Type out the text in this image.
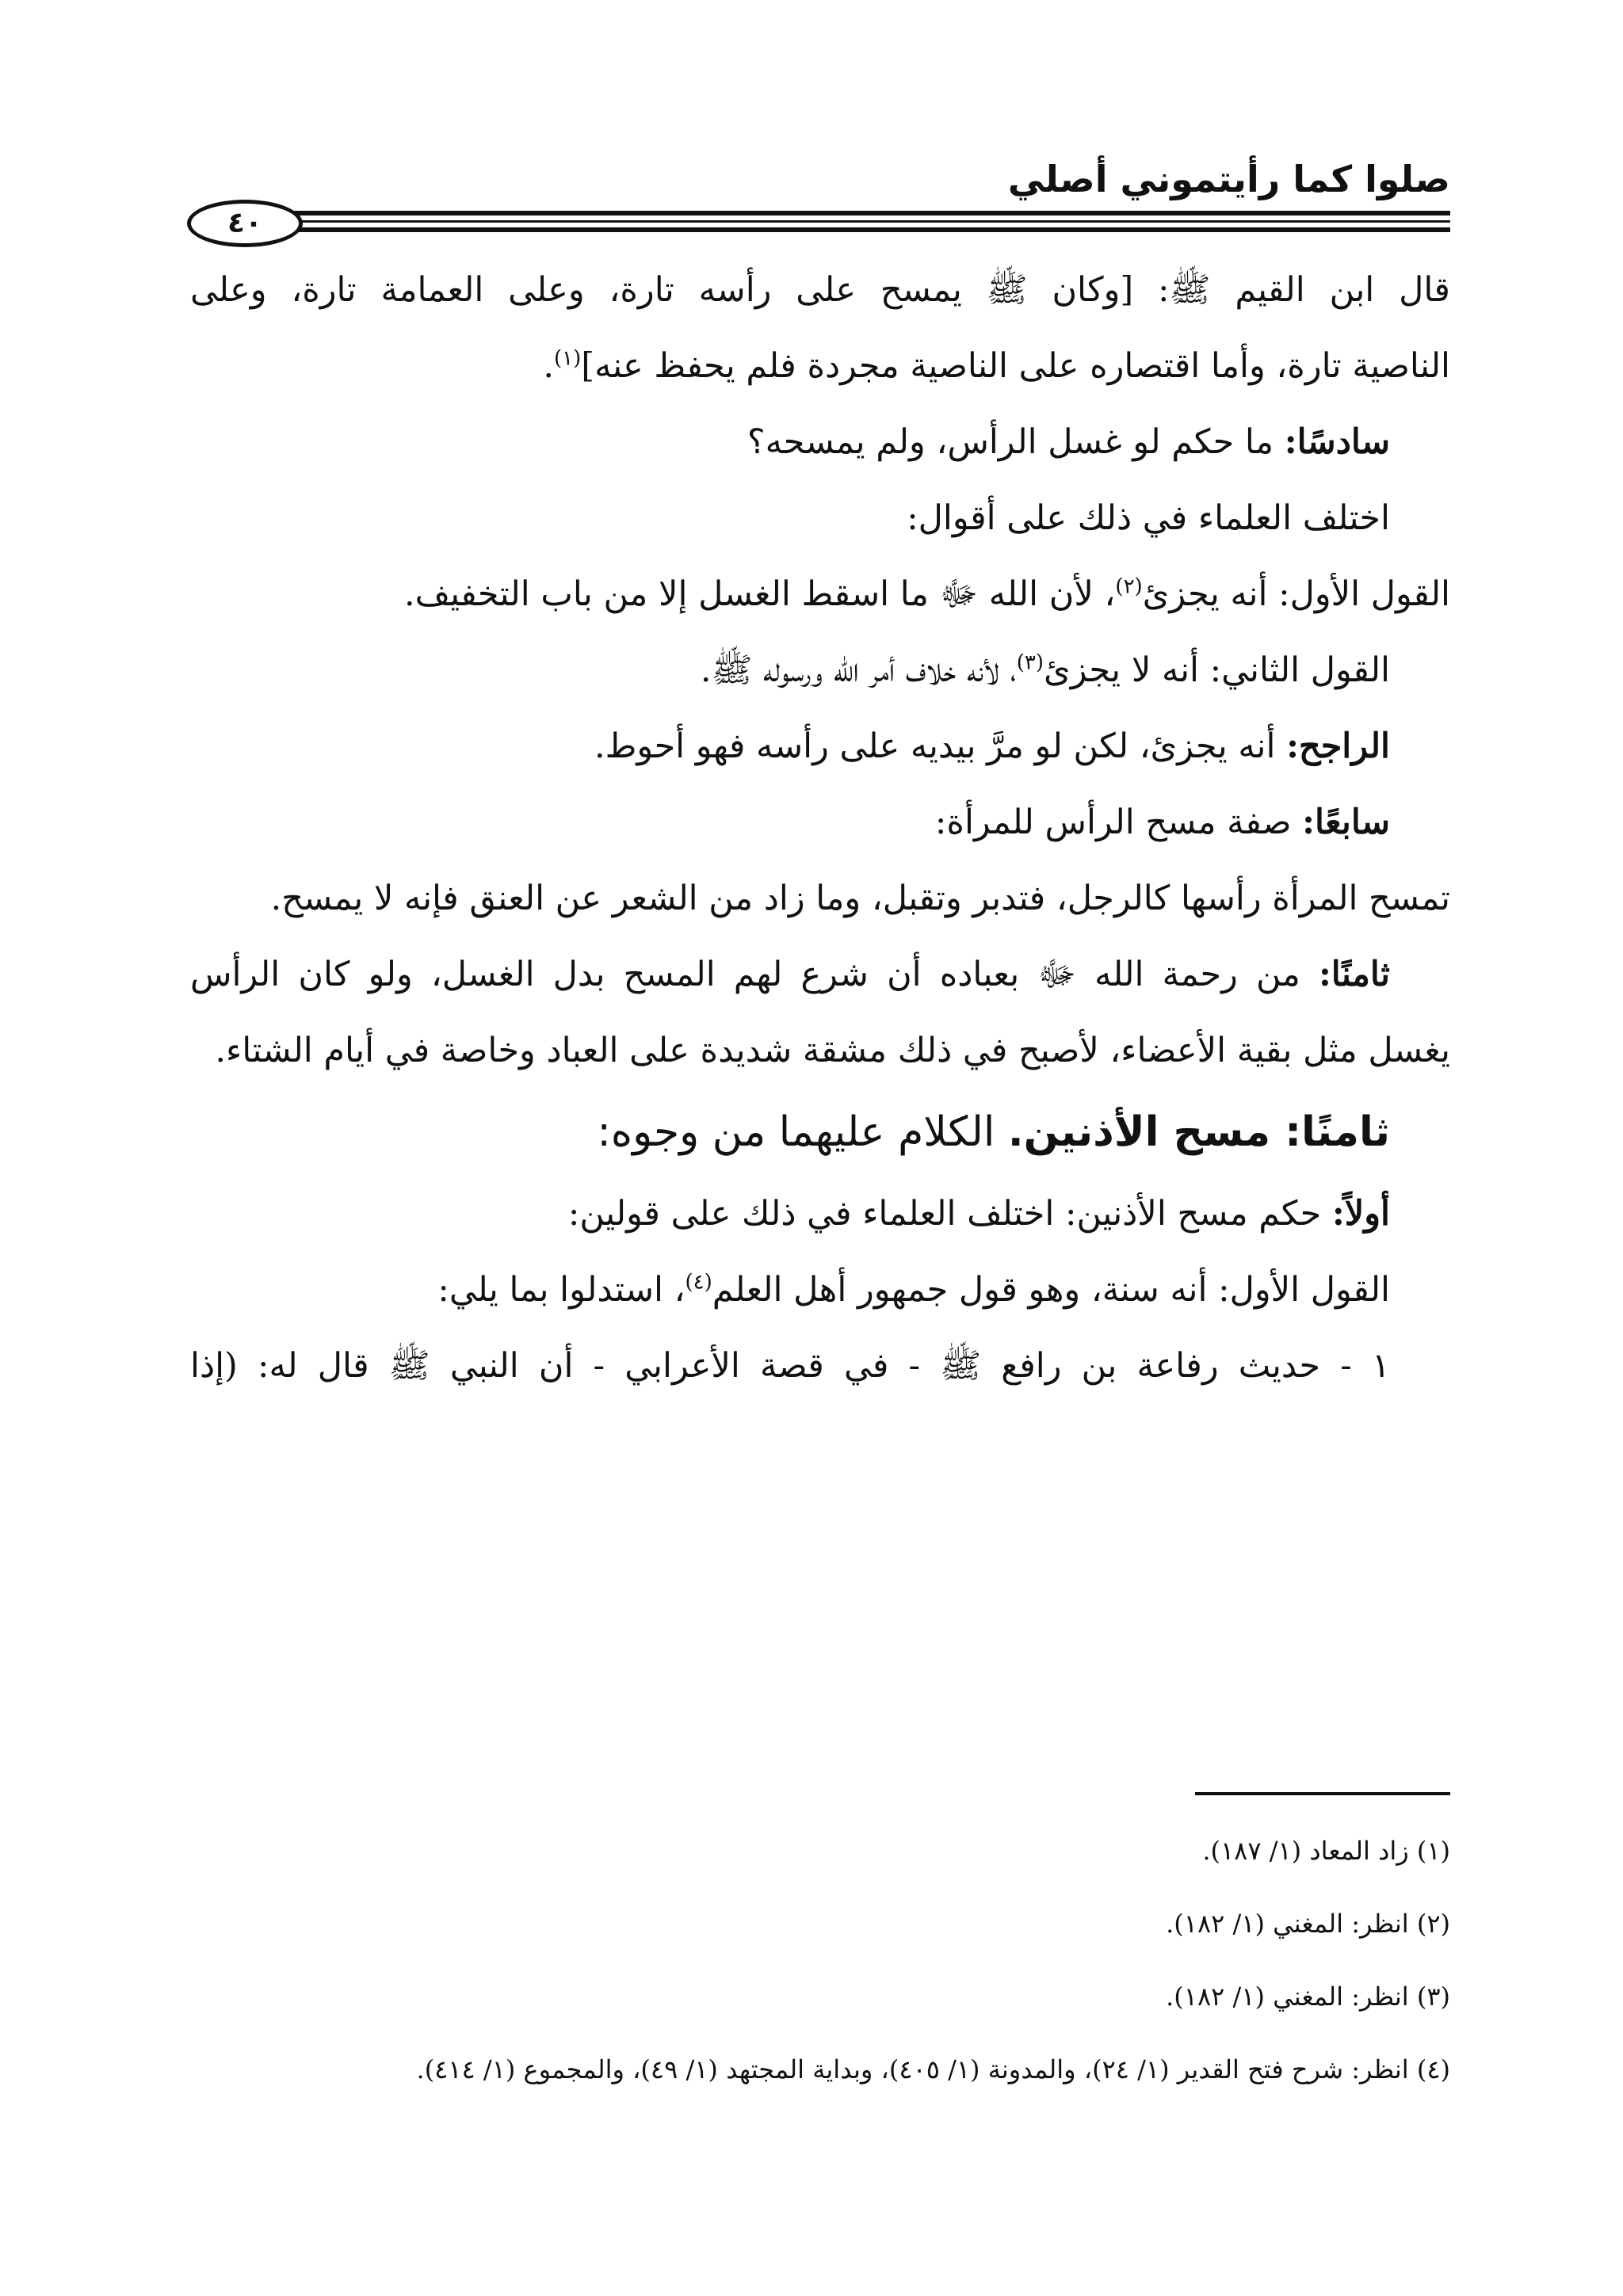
صلوا كما رأيتموني أصلي
٤٠
قال ابن القيم ﷺ: [وكان ﷺ يمسح على رأسه تارة، وعلى العمامة تارة، وعلى
الناصية تارة، وأما اقتصاره على الناصية مجردة فلم يحفظ عنه]$^{(١)}$.
سادسًا: ما حكم لو غسل الرأس، ولم يمسحه؟
اختلف العلماء في ذلك على أقوال:
القول الأول: أنه يجزئ$^{(٢)}$، لأن الله ﷻ ما اسقط الغسل إلا من باب التخفيف.
القول الثاني: أنه لا يجزئ$^{(٣)}$، لأنه خلاف أمر الله ورسوله ﷺ.
الراجح: أنه يجزئ، لكن لو مرَّ بيديه على رأسه فهو أحوط.
سابعًا: صفة مسح الرأس للمرأة:
تمسح المرأة رأسها كالرجل، فتدبر وتقبل، وما زاد من الشعر عن العنق فإنه لا يمسح.
ثامنًا: من رحمة الله ﷻ بعباده أن شرع لهم المسح بدل الغسل، ولو كان الرأس
يغسل مثل بقية الأعضاء، لأصبح في ذلك مشقة شديدة على العباد وخاصة في أيام الشتاء.
ثامنًا: مسح الأذنين. الكلام عليهما من وجوه:
أولاً: حكم مسح الأذنين: اختلف العلماء في ذلك على قولين:
القول الأول: أنه سنة، وهو قول جمهور أهل العلم$^{(٤)}$، استدلوا بما يلي:
١ - حديث رفاعة بن رافع ﷺ - في قصة الأعرابي - أن النبي ﷺ قال له: (إذا
(١) زاد المعاد (١/ ١٨٧).
(٢) انظر: المغني (١/ ١٨٢).
(٣) انظر: المغني (١/ ١٨٢).
(٤) انظر: شرح فتح القدير (١/ ٢٤)، والمدونة (١/ ٤٠٥)، وبداية المجتهد (١/ ٤٩)، والمجموع (١/ ٤١٤).
